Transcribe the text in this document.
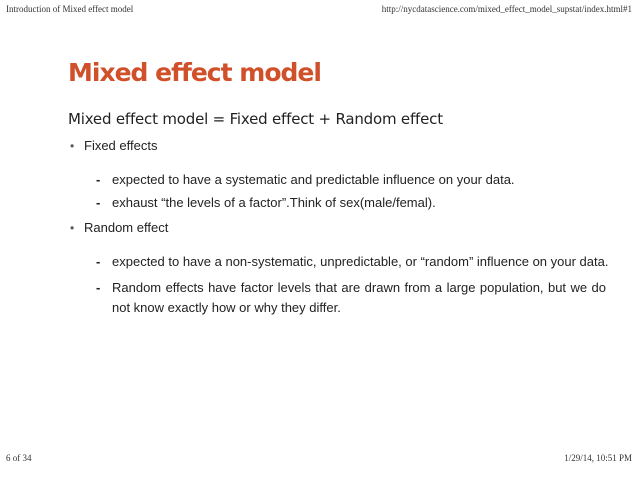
Introduction of Mixed effect model	http://nycdatascience.com/mixed_effect_model_supstat/index.html#1
Mixed effect model
Mixed effect model = Fixed effect + Random effect
• Fixed effects
- expected to have a systematic and predictable influence on your data.
- exhaust “the levels of a factor”.Think of sex(male/femal).
• Random effect
- expected to have a non-systematic, unpredictable, or “random” influence on your data.
- Random effects have factor levels that are drawn from a large population, but we do not know exactly how or why they differ.
6 of 34	1/29/14, 10:51 PM
